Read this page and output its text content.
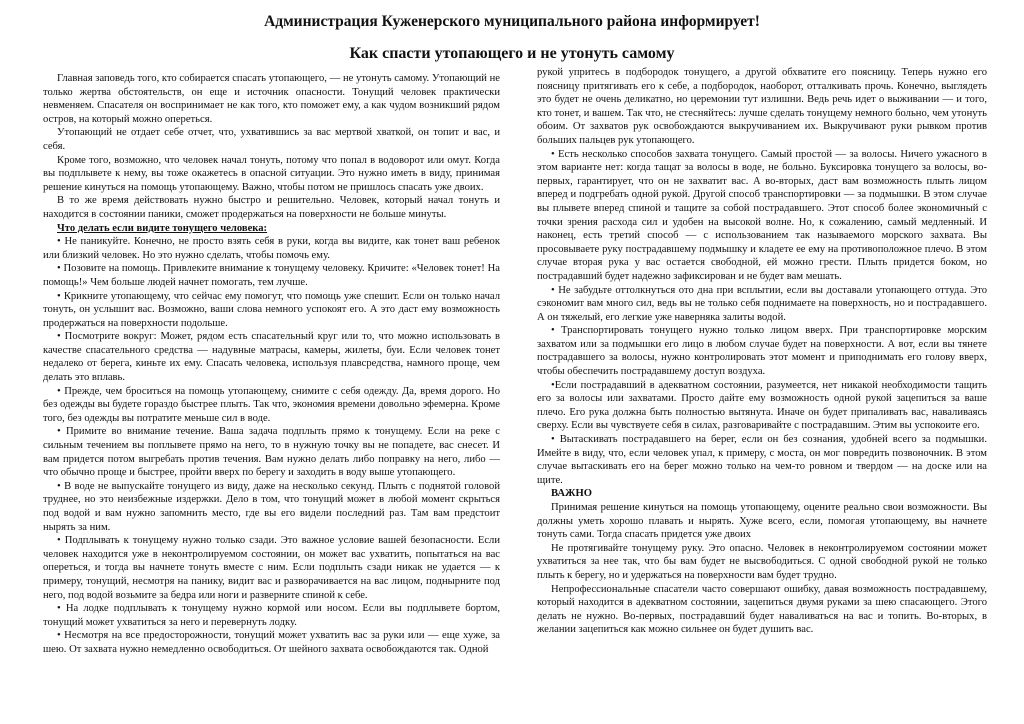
Администрация Куженерского муниципального района информирует!
Как спасти утопающего и не утонуть самому

Главная заповедь того, кто собирается спасать утопающего, — не утонуть самому. Утопающий не только жертва обстоятельств, он еще и источник опасности. Тонущий человек практически невменяем. Спасателя он воспринимает не как того, кто поможет ему, а как чудом возникший рядом остров, на который можно опереться.

Утопающий не отдает себе отчет, что, ухватившись за вас мертвой хваткой, он топит и вас, и себя.

Кроме того, возможно, что человек начал тонуть, потому что попал в водоворот или омут. Когда вы подплывете к нему, вы тоже окажетесь в опасной ситуации. Это нужно иметь в виду, принимая решение кинуться на помощь утопающему. Важно, чтобы потом не пришлось спасать уже двоих.

В то же время действовать нужно быстро и решительно. Человек, который начал тонуть и находится в состоянии паники, сможет продержаться на поверхности не больше минуты.

Что делать если видите тонущего человека:

• Не паникуйте. Конечно, не просто взять себя в руки, когда вы видите, как тонет ваш ребенок или близкий человек. Но это нужно сделать, чтобы помочь ему.

• Позовите на помощь. Привлеките внимание к тонущему человеку. Кричите: «Человек тонет! На помощь!» Чем больше людей начнет помогать, тем лучше.

• Крикните утопающему, что сейчас ему помогут, что помощь уже спешит. Если он только начал тонуть, он услышит вас. Возможно, ваши слова немного успокоят его. А это даст ему возможность продержаться на поверхности подольше.

• Посмотрите вокруг: Может, рядом есть спасательный круг или то, что можно использовать в качестве спасательного средства — надувные матрасы, камеры, жилеты, буи. Если человек тонет недалеко от берега, киньте их ему. Спасать человека, используя плавсредства, намного проще, чем делать это вплавь.

• Прежде, чем броситься на помощь утопающему, снимите с себя одежду. Да, время дорого. Но без одежды вы будете гораздо быстрее плыть. Так что, экономия времени довольно эфемерна. Кроме того, без одежды вы потратите меньше сил в воде.

• Примите во внимание течение. Ваша задача подплыть прямо к тонущему. Если на реке с сильным течением вы поплывете прямо на него, то в нужную точку вы не попадете, вас снесет. И вам придется потом выгребать против течения. Вам нужно делать либо поправку на него, либо — что обычно проще и быстрее, пройти вверх по берегу и заходить в воду выше утопающего.

• В воде не выпускайте тонущего из виду, даже на несколько секунд. Плыть с поднятой головой труднее, но это неизбежные издержки. Дело в том, что тонущий может в любой момент скрыться под водой и вам нужно запомнить место, где вы его видели последний раз. Там вам предстоит нырять за ним.

• Подплывать к тонущему нужно только сзади. Это важное условие вашей безопасности. Если человек находится уже в неконтролируемом состоянии, он может вас ухватить, попытаться на вас опереться, и тогда вы начнете тонуть вместе с ним. Если подплыть сзади никак не удается — к примеру, тонущий, несмотря на панику, видит вас и разворачивается на вас лицом, поднырните под него, под водой возьмите за бедра или ноги и разверните спиной к себе.

• На лодке подплывать к тонущему нужно кормой или носом. Если вы подплывете бортом, тонущий может ухватиться за него и перевернуть лодку.

• Несмотря на все предосторожности, тонущий может ухватить вас за руки или — еще хуже, за шею. От захвата нужно немедленно освободиться. От шейного захвата освобождаются так. Одной

рукой упритесь в подбородок тонущего, а другой обхватите его поясницу. Теперь нужно его поясницу притягивать его к себе, а подбородок, наоборот, отталкивать прочь. Конечно, выглядеть это будет не очень деликатно, но церемонии тут излишни. Ведь речь идет о выживании — и того, кто тонет, и вашем. Так что, не стесняйтесь: лучше сделать тонущему немного больно, чем утонуть обоим. От захватов рук освобождаются выкручиванием их. Выкручивают руки рывком против больших пальцев рук утопающего.

• Есть несколько способов захвата тонущего. Самый простой — за волосы. Ничего ужасного в этом варианте нет: когда тащат за волосы в воде, не больно. Буксировка тонущего за волосы, во-первых, гарантирует, что он не захватит вас. А во-вторых, даст вам возможность плыть лицом вперед и подгребать одной рукой. Другой способ транспортировки — за подмышки. В этом случае вы плывете вперед спиной и тащите за собой пострадавшего. Этот способ более экономичный с точки зрения расхода сил и удобен на высокой волне. Но, к сожалению, самый медленный. И наконец, есть третий способ — с использованием так называемого морского захвата. Вы просовываете руку пострадавшему подмышку и кладете ее ему на противоположное плечо. В этом случае вторая рука у вас остается свободной, ей можно грести. Плыть придется боком, но пострадавший будет надежно зафиксирован и не будет вам мешать.

• Не забудьте оттолкнуться ото дна при всплытии, если вы доставали утопающего оттуда. Это сэкономит вам много сил, ведь вы не только себя поднимаете на поверхность, но и пострадавшего. А он тяжелый, его легкие уже наверняка залиты водой.

• Транспортировать тонущего нужно только лицом вверх. При транспортировке морским захватом или за подмышки его лицо в любом случае будет на поверхности. А вот, если вы тянете пострадавшего за волосы, нужно контролировать этот момент и приподнимать его голову вверх, чтобы обеспечить пострадавшему доступ воздуха.

•Если пострадавший в адекватном состоянии, разумеется, нет никакой необходимости тащить его за волосы или захватами. Просто дайте ему возможность одной рукой зацепиться за ваше плечо. Его рука должна быть полностью вытянута. Иначе он будет припаливать вас, наваливаясь сверху. Если вы чувствуете себя в силах, разговаривайте с пострадавшим. Этим вы успокоите его.

• Вытаскивать пострадавшего на берег, если он без сознания, удобней всего за подмышки. Имейте в виду, что, если человек упал, к примеру, с моста, он мог повредить позвоночник. В этом случае вытаскивать его на берег можно только на чем-то ровном и твердом — на доске или на щите.

ВАЖНО

Принимая решение кинуться на помощь утопающему, оцените реально свои возможности. Вы должны уметь хорошо плавать и нырять. Хуже всего, если, помогая утопающему, вы начнете тонуть сами. Тогда спасать придется уже двоих

Не протягивайте тонущему руку. Это опасно. Человек в неконтролируемом состоянии может ухватиться за нее так, что бы вам будет не высвободиться. С одной свободной рукой не только плыть к берегу, но и удержаться на поверхности вам будет трудно.

Непрофессиональные спасатели часто совершают ошибку, давая возможность пострадавшему, который находится в адекватном состоянии, зацепиться двумя руками за шею спасающего. Этого делать не нужно. Во-первых, пострадавший будет наваливаться на вас и топить. Во-вторых, в желании зацепиться как можно сильнее он будет душить вас.
